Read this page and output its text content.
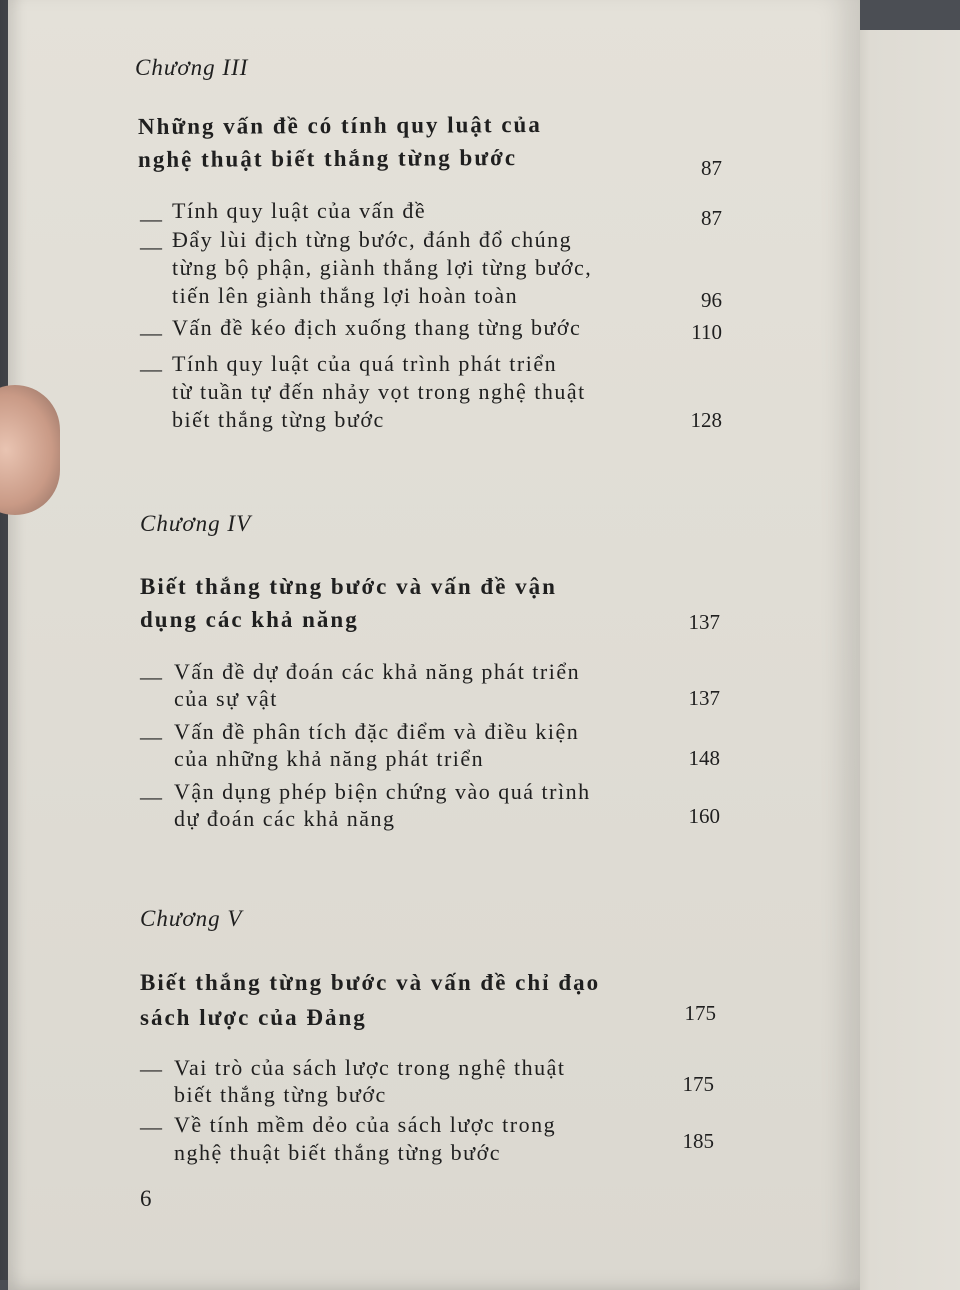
Chương III
Những vấn đề có tính quy luật của
nghệ thuật biết thắng từng bước	87
— Tính quy luật của vấn đề	87
— Đẩy lùi địch từng bước, đánh đổ chúng
từng bộ phận, giành thắng lợi từng bước,
tiến lên giành thắng lợi hoàn toàn	96
— Vấn đề kéo địch xuống thang từng bước	110
— Tính quy luật của quá trình phát triển
từ tuần tự đến nhảy vọt trong nghệ thuật
biết thắng từng bước	128
Chương IV
Biết thắng từng bước và vấn đề vận
dụng các khả năng	137
— Vấn đề dự đoán các khả năng phát triển
của sự vật	137
— Vấn đề phân tích đặc điểm và điều kiện
của những khả năng phát triển	148
— Vận dụng phép biện chứng vào quá trình
dự đoán các khả năng	160
Chương V
Biết thắng từng bước và vấn đề chỉ đạo
sách lược của Đảng	175
— Vai trò của sách lược trong nghệ thuật
biết thắng từng bước	175
— Về tính mềm dẻo của sách lược trong
nghệ thuật biết thắng từng bước	185
6
